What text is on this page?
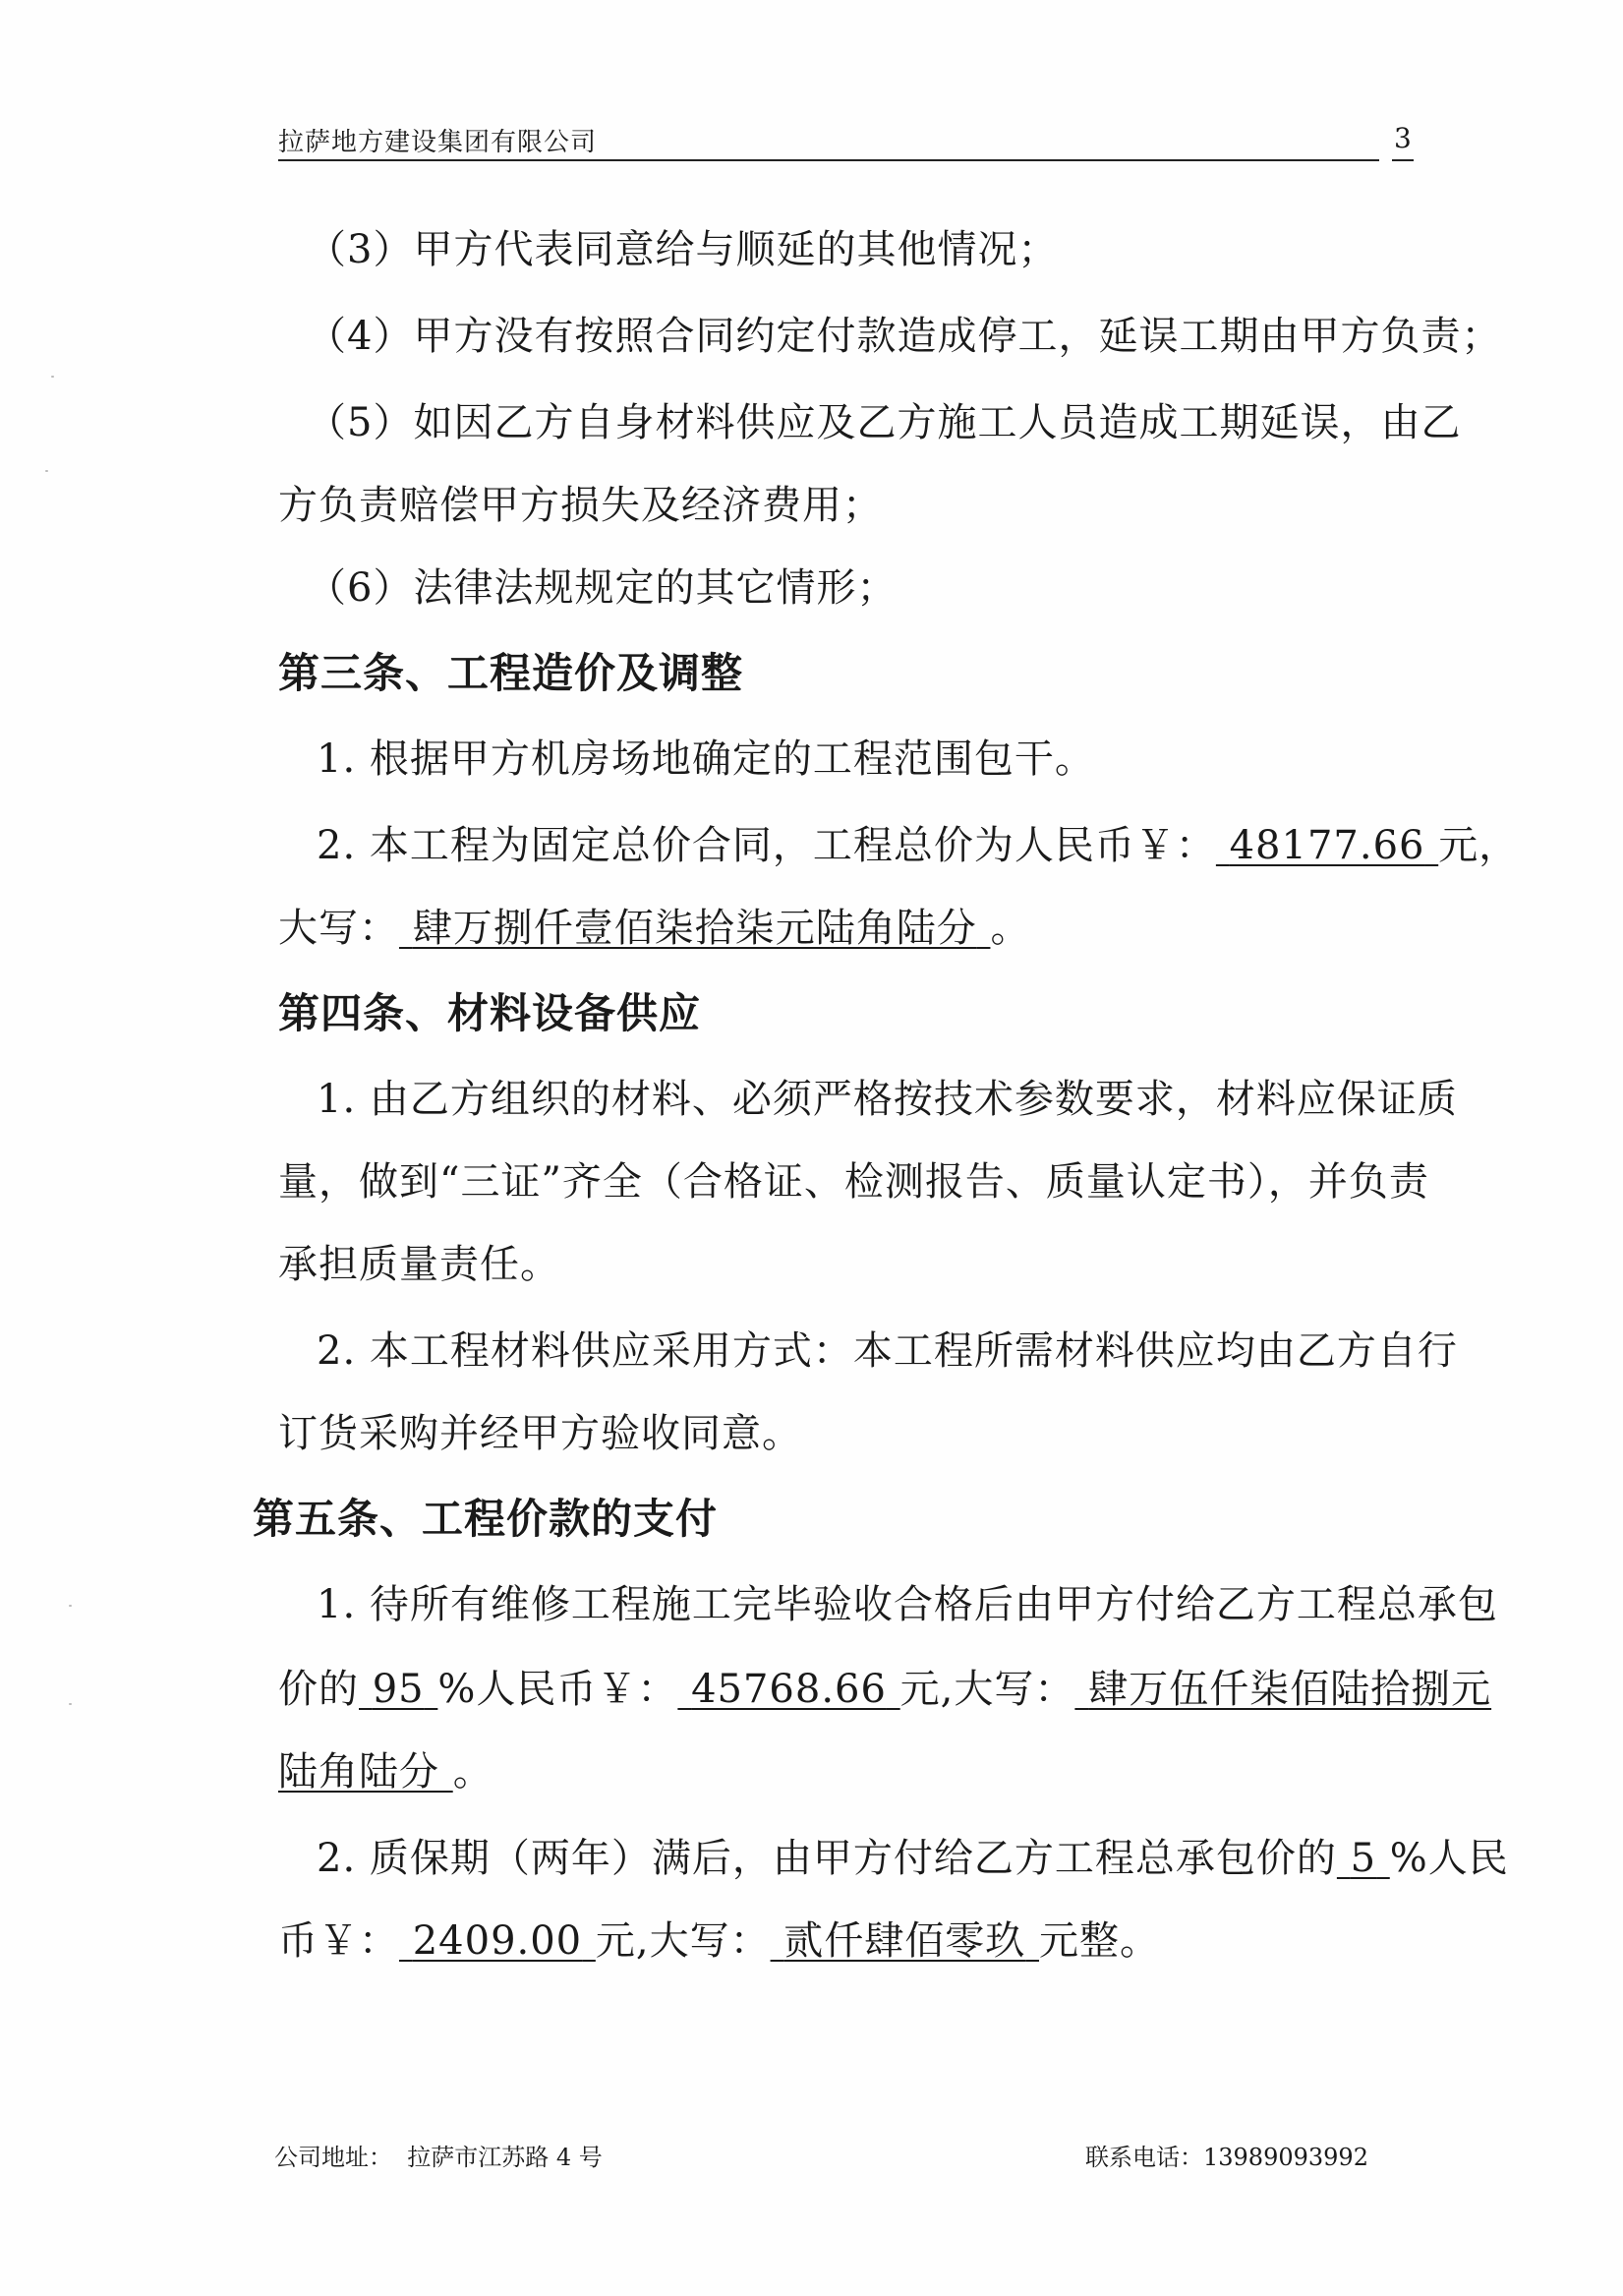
拉萨地方建设集团有限公司	3
（3）甲方代表同意给与顺延的其他情况；
（4）甲方没有按照合同约定付款造成停工，延误工期由甲方负责；
（5）如因乙方自身材料供应及乙方施工人员造成工期延误，由乙
方负责赔偿甲方损失及经济费用；
（6）法律法规规定的其它情形；
第三条、工程造价及调整
1. 根据甲方机房场地确定的工程范围包干。
2. 本工程为固定总价合同，工程总价为人民币￥： 48177.66 元，
大写： 肆万捌仟壹佰柒拾柒元陆角陆分 。
第四条、材料设备供应
1. 由乙方组织的材料、必须严格按技术参数要求，材料应保证质
量，做到“三证”齐全（合格证、检测报告、质量认定书），并负责
承担质量责任。
2. 本工程材料供应采用方式：本工程所需材料供应均由乙方自行
订货采购并经甲方验收同意。
第五条、工程价款的支付
1. 待所有维修工程施工完毕验收合格后由甲方付给乙方工程总承包
价的 95 %人民币￥： 45768.66 元,大写： 肆万伍仟柒佰陆拾捌元
陆角陆分 。
2. 质保期（两年）满后，由甲方付给乙方工程总承包价的 5 %人民
币￥： 2409.00 元,大写： 贰仟肆佰零玖 元整。
公司地址： 拉萨市江苏路 4 号	联系电话：13989093992
